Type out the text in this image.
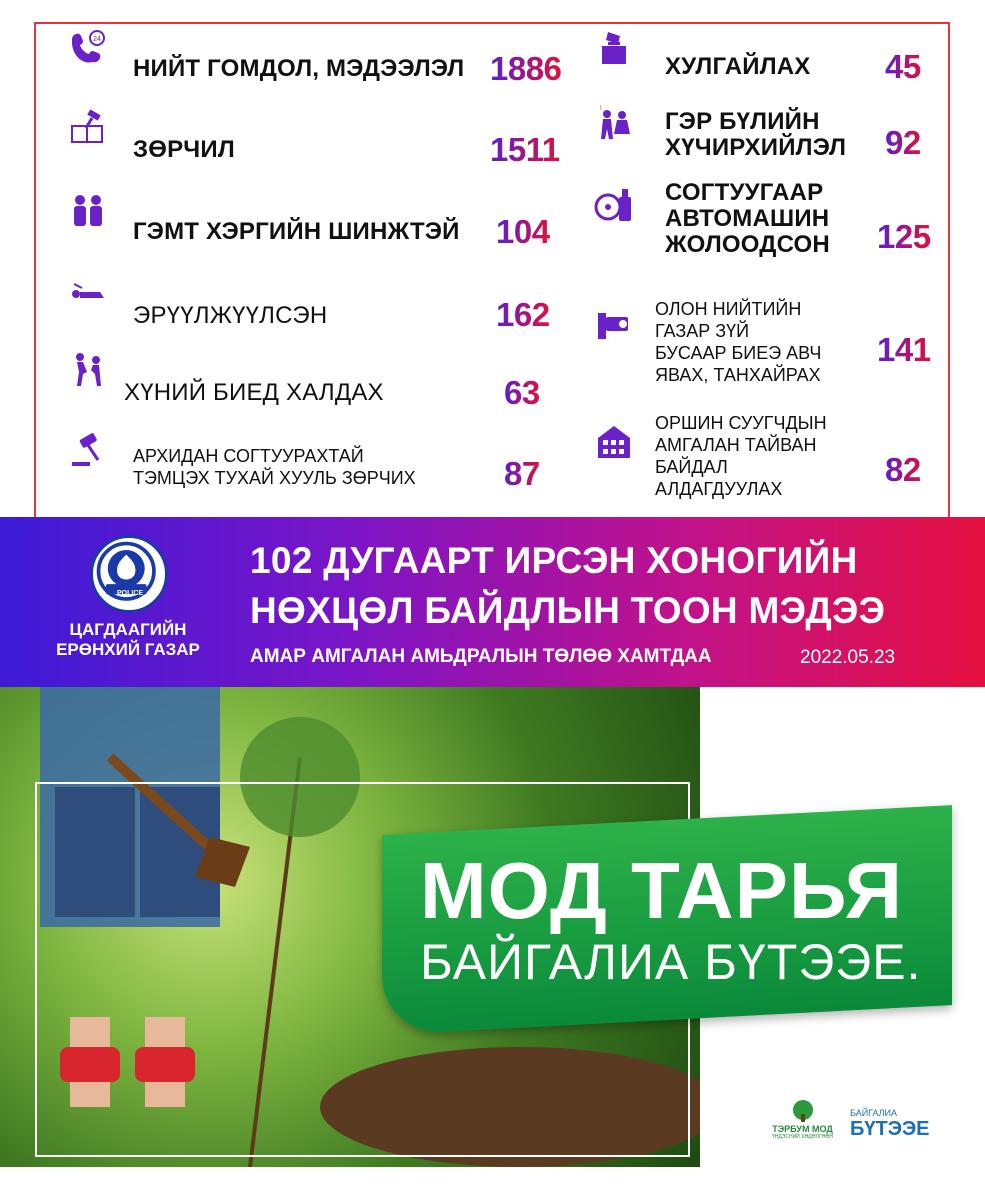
24
НИЙТ ГОМДОЛ, МЭДЭЭЛЭЛ 1886
ЗӨРЧИЛ	1511
ГЭМТ ХЭРГИЙН ШИНЖТЭЙ 104
ЭРҮҮЛЖҮҮЛСЭН	162
ХҮНИЙ БИЕД ХАЛДАХ	63
АРХИДАН СОГТУУРАХТАЙ
ТЭМЦЭХ ТУХАЙ ХУУЛЬ ЗӨРЧИХ	87
ХУЛГАЙЛАХ 45
!	ГЭР БҮЛИЙН
ХҮЧИРХИЙЛЭЛ 92
СОГТУУГААР
АВТОМАШИН
ЖОЛООДСОН 125
ОЛОН НИЙТИЙН
ГАЗАР ЗҮЙ
БУСААР БИЕЭ АВЧ
ЯВАХ, ТАНХАЙРАХ
141
ОРШИН СУУГЧДЫН
АМГАЛАН ТАЙВАН
БАЙДАЛ
АЛДАГДУУЛАХ
82
POLICE
ЦАГДААГИЙН
ЕРӨНХИЙ ГАЗАР
102 ДУГААРТ ИРСЭН ХОНОГИЙН
НӨХЦӨЛ БАЙДЛЫН ТООН МЭДЭЭ
АМАР АМГАЛАН АМЬДРАЛЫН ТӨЛӨӨ ХАМТДАА	2022.05.23
МОД ТАРЬЯ
БАЙГАЛИА БҮТЭЭЕ.
ТЭРБУМ МОД
ҮНДЭСНИЙ ХӨДӨЛГӨӨН
БАЙГАЛИА
БҮТЭЭЕ
